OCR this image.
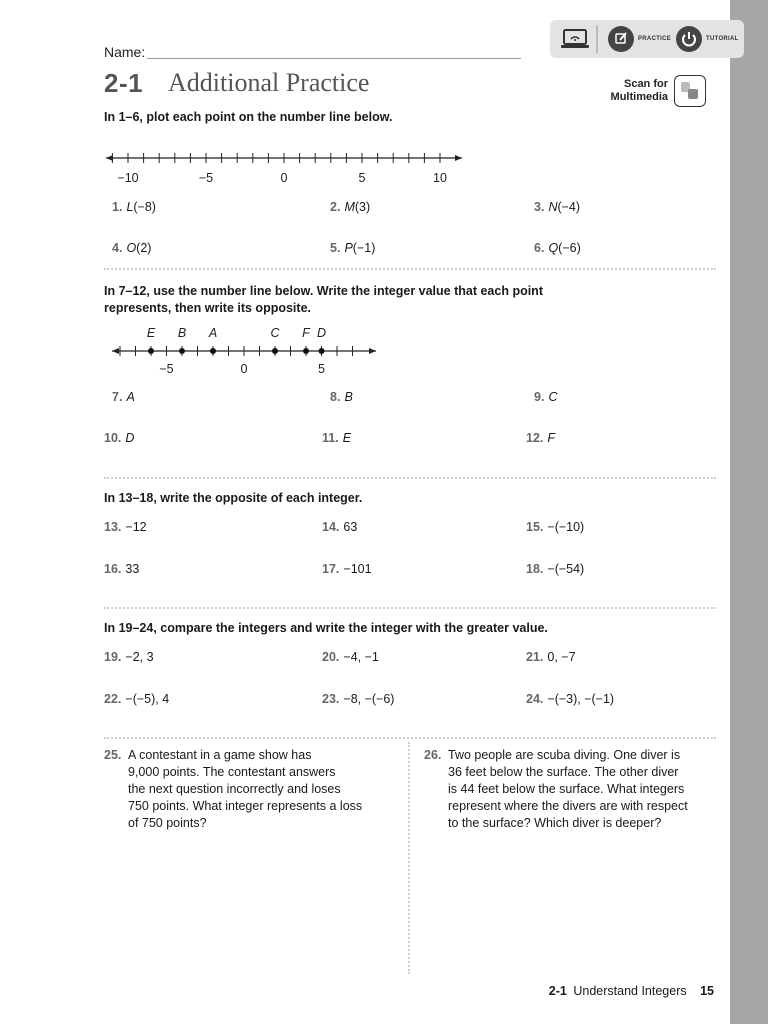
Name:
2-1 Additional Practice
PRACTICE	TUTORIAL
Scan for
Multimedia
In 1–6, plot each point on the number line below.
−10	−5	0	5	10
1. L(−8)	2. M(3)	3. N(−4)
4. O(2)	5. P(−1)	6. Q(−6)
In 7–12, use the number line below. Write the integer value that each point
represents, then write its opposite.
−5	0	5
E B A	C F D
7. A	8. B	9. C
10. D	11. E	12. F
In 13–18, write the opposite of each integer.
13. −12	14. 63	15. −(−10)
16. 33	17. −101	18. −(−54)
In 19–24, compare the integers and write the integer with the greater value.
19. −2, 3	20. −4, −1	21. 0, −7
22. −(−5), 4	23. −8, −(−6)	24. −(−3), −(−1)
25. A contestant in a game show has
9,000 points. The contestant answers
the next question incorrectly and loses
750 points. What integer represents a loss
of 750 points?
26. Two people are scuba diving. One diver is
36 feet below the surface. The other diver
is 44 feet below the surface. What integers
represent where the divers are with respect
to the surface? Which diver is deeper?
2-1 Understand Integers 15
